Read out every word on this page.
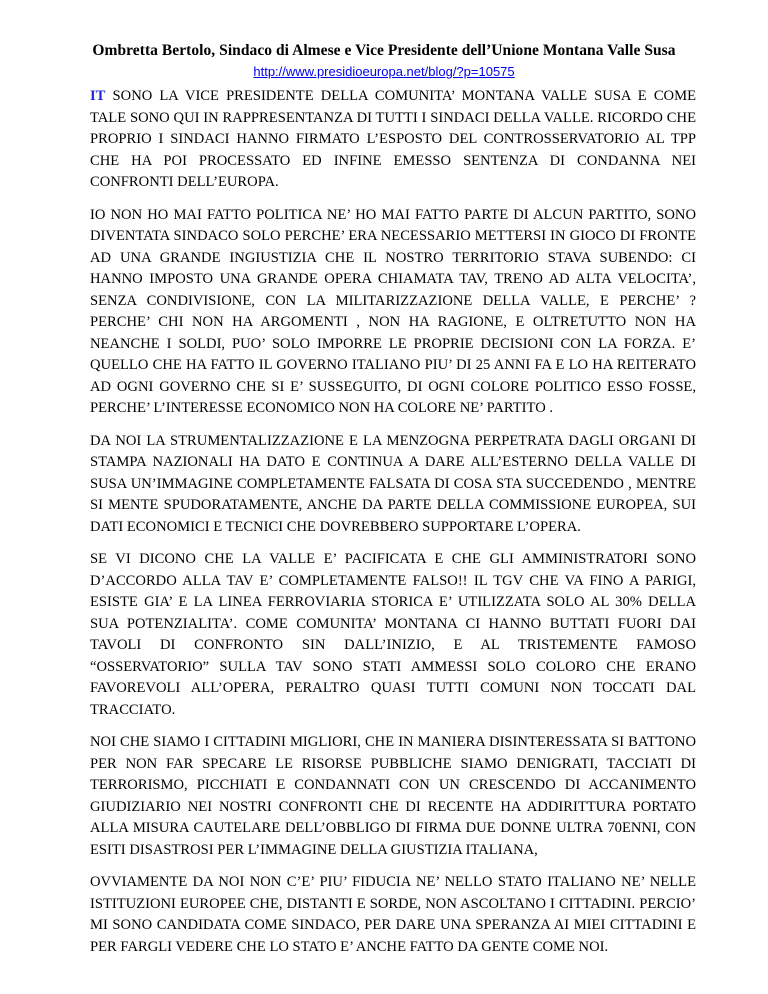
Ombretta Bertolo, Sindaco di Almese e Vice Presidente dell’Unione Montana Valle Susa
http://www.presidioeuropa.net/blog/?p=10575

IT SONO LA VICE PRESIDENTE DELLA COMUNITA’ MONTANA VALLE SUSA E COME TALE SONO QUI IN RAPPRESENTANZA DI TUTTI I SINDACI DELLA VALLE. RICORDO CHE PROPRIO I SINDACI HANNO FIRMATO L’ESPOSTO DEL CONTROSSERVATORIO AL TPP CHE HA POI PROCESSATO ED INFINE EMESSO SENTENZA DI CONDANNA NEI CONFRONTI DELL’EUROPA.

IO NON HO MAI FATTO POLITICA NE’ HO MAI FATTO PARTE DI ALCUN PARTITO, SONO DIVENTATA SINDACO SOLO PERCHE’ ERA NECESSARIO METTERSI IN GIOCO DI FRONTE AD UNA GRANDE INGIUSTIZIA CHE IL NOSTRO TERRITORIO STAVA SUBENDO: CI HANNO IMPOSTO UNA GRANDE OPERA CHIAMATA TAV, TRENO AD ALTA VELOCITA’, SENZA CONDIVISIONE, CON LA MILITARIZZAZIONE DELLA VALLE, E PERCHE’ ? PERCHE’ CHI NON HA ARGOMENTI , NON HA RAGIONE, E OLTRETUTTO NON HA NEANCHE I SOLDI, PUO’ SOLO IMPORRE LE PROPRIE DECISIONI CON LA FORZA. E’ QUELLO CHE HA FATTO IL GOVERNO ITALIANO PIU’ DI 25 ANNI FA E LO HA REITERATO AD OGNI GOVERNO CHE SI E’ SUSSEGUITO, DI OGNI COLORE POLITICO ESSO FOSSE, PERCHE’ L’INTERESSE ECONOMICO NON HA COLORE NE’ PARTITO .

DA NOI LA STRUMENTALIZZAZIONE E LA MENZOGNA PERPETRATA DAGLI ORGANI DI STAMPA NAZIONALI HA DATO E CONTINUA A DARE ALL’ESTERNO DELLA VALLE DI SUSA UN’IMMAGINE COMPLETAMENTE FALSATA DI COSA STA SUCCEDENDO , MENTRE SI MENTE SPUDORATAMENTE, ANCHE DA PARTE DELLA COMMISSIONE EUROPEA, SUI DATI ECONOMICI E TECNICI CHE DOVREBBERO SUPPORTARE L’OPERA.

SE VI DICONO CHE LA VALLE E’ PACIFICATA E CHE GLI AMMINISTRATORI SONO D’ACCORDO ALLA TAV E’ COMPLETAMENTE FALSO!! IL TGV CHE VA FINO A PARIGI, ESISTE GIA’ E LA LINEA FERROVIARIA STORICA E’ UTILIZZATA SOLO AL 30% DELLA SUA POTENZIALITA’. COME COMUNITA’ MONTANA CI HANNO BUTTATI FUORI DAI TAVOLI DI CONFRONTO SIN DALL’INIZIO, E AL TRISTEMENTE FAMOSO “OSSERVATORIO” SULLA TAV SONO STATI AMMESSI SOLO COLORO CHE ERANO FAVOREVOLI ALL’OPERA, PERALTRO QUASI TUTTI COMUNI NON TOCCATI DAL TRACCIATO.

NOI CHE SIAMO I CITTADINI MIGLIORI, CHE IN MANIERA DISINTERESSATA SI BATTONO PER NON FAR SPECARE LE RISORSE PUBBLICHE SIAMO DENIGRATI, TACCIATI DI TERRORISMO, PICCHIATI E CONDANNATI CON UN CRESCENDO DI ACCANIMENTO GIUDIZIARIO NEI NOSTRI CONFRONTI CHE DI RECENTE HA ADDIRITTURA PORTATO ALLA MISURA CAUTELARE DELL’OBBLIGO DI FIRMA DUE DONNE ULTRA 70ENNI, CON ESITI DISASTROSI PER L’IMMAGINE DELLA GIUSTIZIA ITALIANA,

OVVIAMENTE DA NOI NON C’E’ PIU’ FIDUCIA NE’ NELLO STATO ITALIANO NE’ NELLE ISTITUZIONI EUROPEE CHE, DISTANTI E SORDE, NON ASCOLTANO I CITTADINI. PERCIO’ MI SONO CANDIDATA COME SINDACO, PER DARE UNA SPERANZA AI MIEI CITTADINI E PER FARGLI VEDERE CHE LO STATO E’ ANCHE FATTO DA GENTE COME NOI.
